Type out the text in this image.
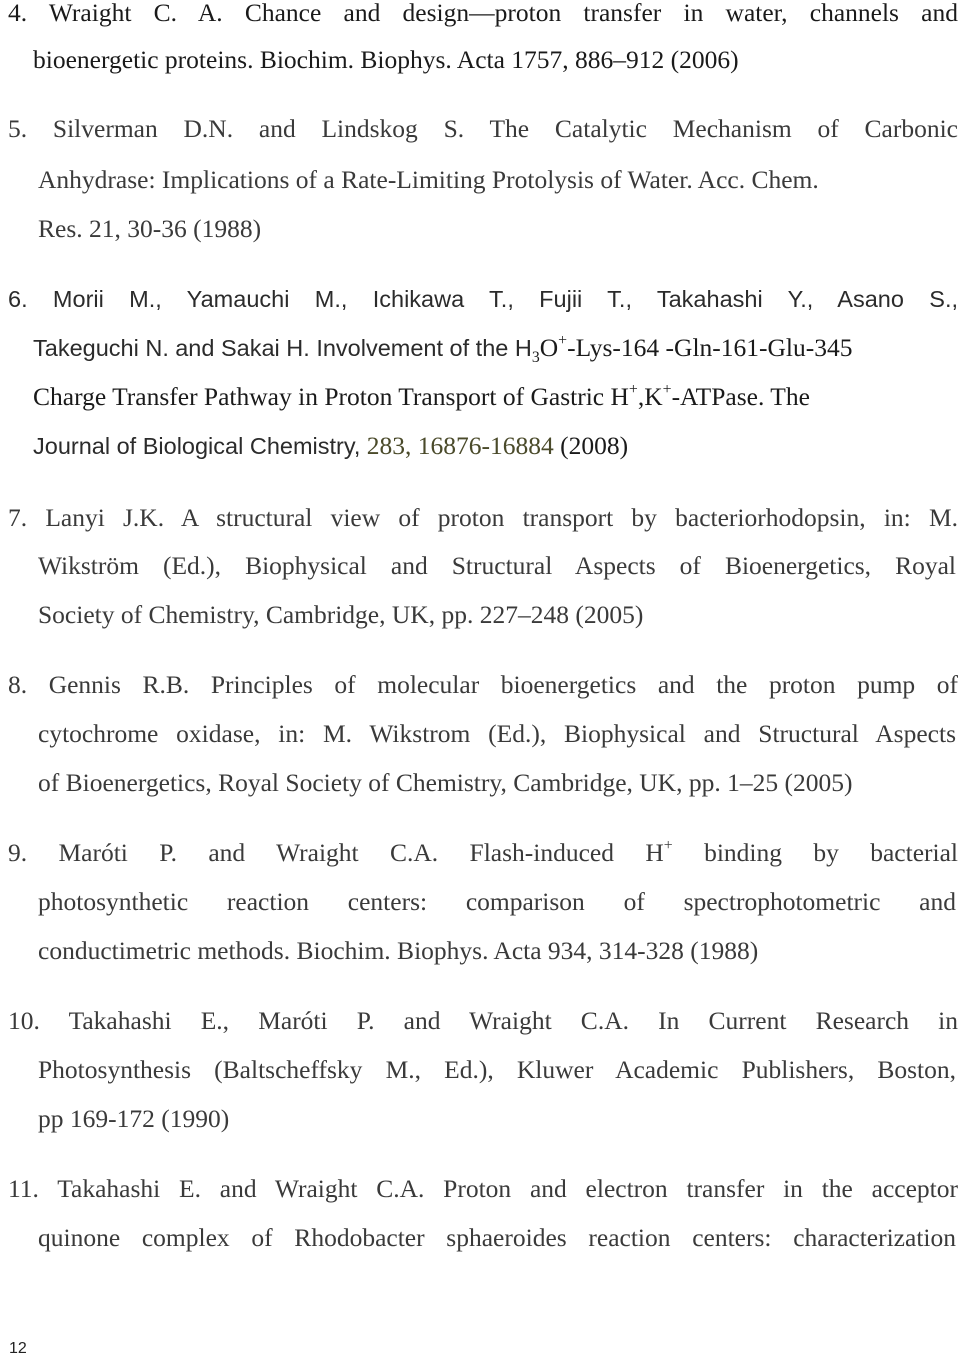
4. Wraight C. A. Chance and design—proton transfer in water, channels and
bioenergetic proteins. Biochim. Biophys. Acta 1757, 886–912 (2006)
5. Silverman D.N. and Lindskog S. The Catalytic Mechanism of Carbonic
Anhydrase: Implications of a Rate-Limiting Protolysis of Water. Acc. Chem.
Res. 21, 30-36 (1988)
6. Morii M., Yamauchi M., Ichikawa T., Fujii T., Takahashi Y., Asano S.,
Takeguchi N. and Sakai H. Involvement of the $H_3O^+-Lys-164$ -Gln-161-Glu-345
Charge Transfer Pathway in Proton Transport of Gastric H+,K+-ATPase. The
Journal of Biological Chemistry, 283, 16876-16884 (2008)
7. Lanyi J.K. A structural view of proton transport by bacteriorhodopsin, in: M.
Wikström (Ed.), Biophysical and Structural Aspects of Bioenergetics, Royal
Society of Chemistry, Cambridge, UK, pp. 227–248 (2005)
8. Gennis R.B. Principles of molecular bioenergetics and the proton pump of
cytochrome oxidase, in: M. Wikstrom (Ed.), Biophysical and Structural Aspects
of Bioenergetics, Royal Society of Chemistry, Cambridge, UK, pp. 1–25 (2005)
9. Maróti P. and Wraight C.A. Flash-induced H+ binding by bacterial
photosynthetic reaction centers: comparison of spectrophotometric and
conductimetric methods. Biochim. Biophys. Acta 934, 314-328 (1988)
10. Takahashi E., Maróti P. and Wraight C.A. In Current Research in
Photosynthesis (Baltscheffsky M., Ed.), Kluwer Academic Publishers, Boston,
pp 169-172 (1990)
11. Takahashi E. and Wraight C.A. Proton and electron transfer in the acceptor
quinone complex of Rhodobacter sphaeroides reaction centers: characterization
12
